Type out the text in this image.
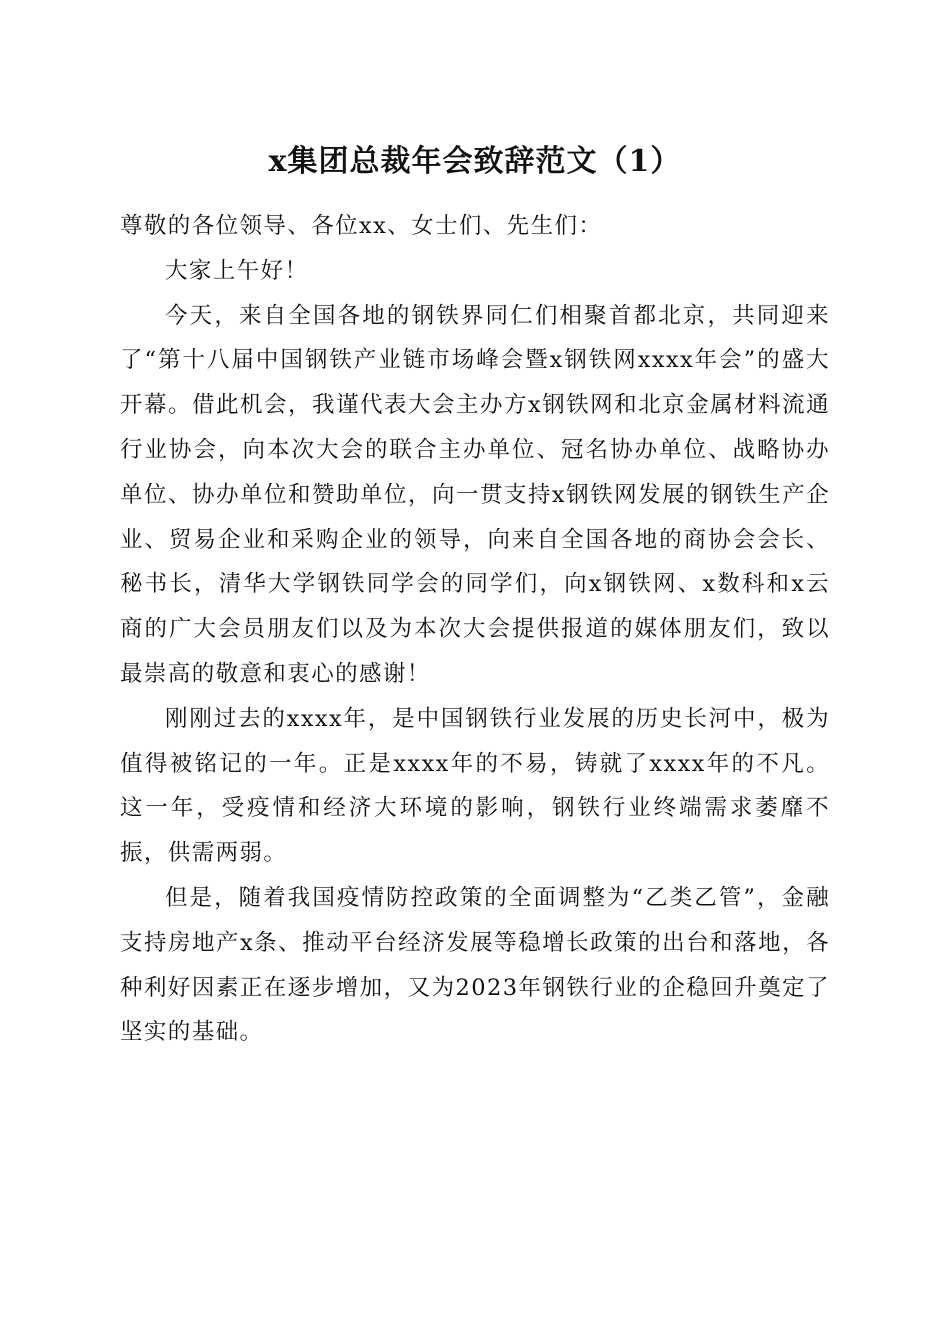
x集团总裁年会致辞范文（1）

尊敬的各位领导、各位xx、女士们、先生们：

大家上午好！

今天，来自全国各地的钢铁界同仁们相聚首都北京，共同迎来了“第十八届中国钢铁产业链市场峰会暨x钢铁网xxxx年会”的盛大开幕。借此机会，我谨代表大会主办方x钢铁网和北京金属材料流通行业协会，向本次大会的联合主办单位、冠名协办单位、战略协办单位、协办单位和赞助单位，向一贯支持x钢铁网发展的钢铁生产企业、贸易企业和采购企业的领导，向来自全国各地的商协会会长、秘书长，清华大学钢铁同学会的同学们，向x钢铁网、x数科和x云商的广大会员朋友们以及为本次大会提供报道的媒体朋友们，致以最崇高的敬意和衷心的感谢！

刚刚过去的xxxx年，是中国钢铁行业发展的历史长河中，极为值得被铭记的一年。正是xxxx年的不易，铸就了xxxx年的不凡。这一年，受疫情和经济大环境的影响，钢铁行业终端需求萎靡不振，供需两弱。

但是，随着我国疫情防控政策的全面调整为“乙类乙管”，金融支持房地产x条、推动平台经济发展等稳增长政策的出台和落地，各种利好因素正在逐步增加，又为2023年钢铁行业的企稳回升奠定了坚实的基础。
